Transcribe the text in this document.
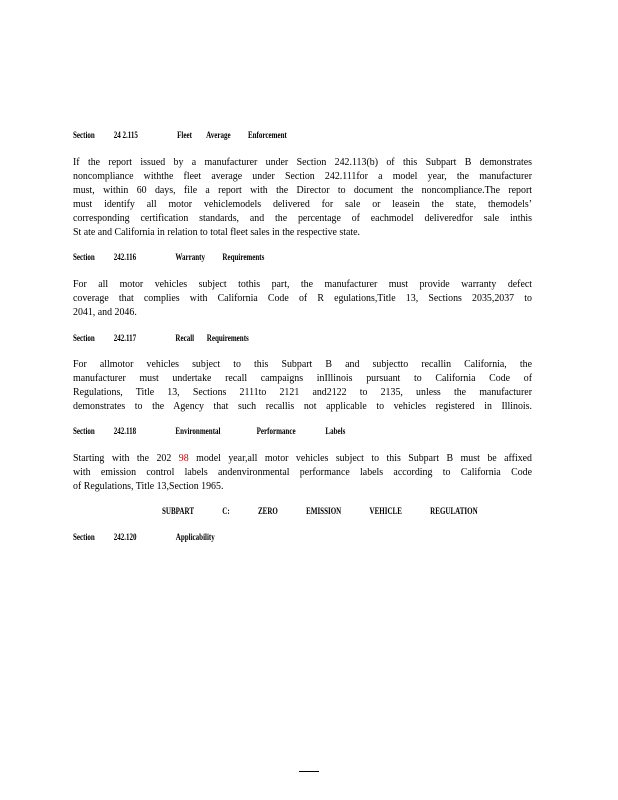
Section 24 2.115	Fleet Average Enforcement
If the report issued by a manufacturer under Section 242.113(b) of this Subpart B demonstrates
noncompliance withthe fleet average under Section 242.111for a model year, the manufacturer
must, within 60 days, file a report with the Director to document the noncompliance.The report
must identify all motor vehiclemodels delivered for sale or leasein the state, themodels’
corresponding certification standards, and the percentage of eachmodel deliveredfor sale inthis
St ate and California in relation to total fleet sales in the respective state.
Section 242.116	Warranty Requirements
For all motor vehicles subject tothis part, the manufacturer must provide warranty defect
coverage that complies with California Code of R egulations,Title 13, Sections 2035,2037 to
2041, and 2046.
Section 242.117	Recall Requirements
For allmotor vehicles subject to this Subpart B and subjectto recallin California, the
manufacturer must undertake recall campaigns inIllinois pursuant to California Code of
Regulations, Title 13, Sections 2111to 2121 and2122 to 2135, unless the manufacturer
demonstrates to the Agency that such recallis not applicable to vehicles registered in Illinois.
Section 242.118	Environmental	Performance	Labels
Starting with the 202 98 model year,all motor vehicles subject to this Subpart B must be affixed
with emission control labels andenvironmental performance labels according to California Code
of Regulations, Title 13,Section 1965.
SUBPART	C:	ZERO	EMISSION	VEHICLE	REGULATION
Section 242.120	Applicability
